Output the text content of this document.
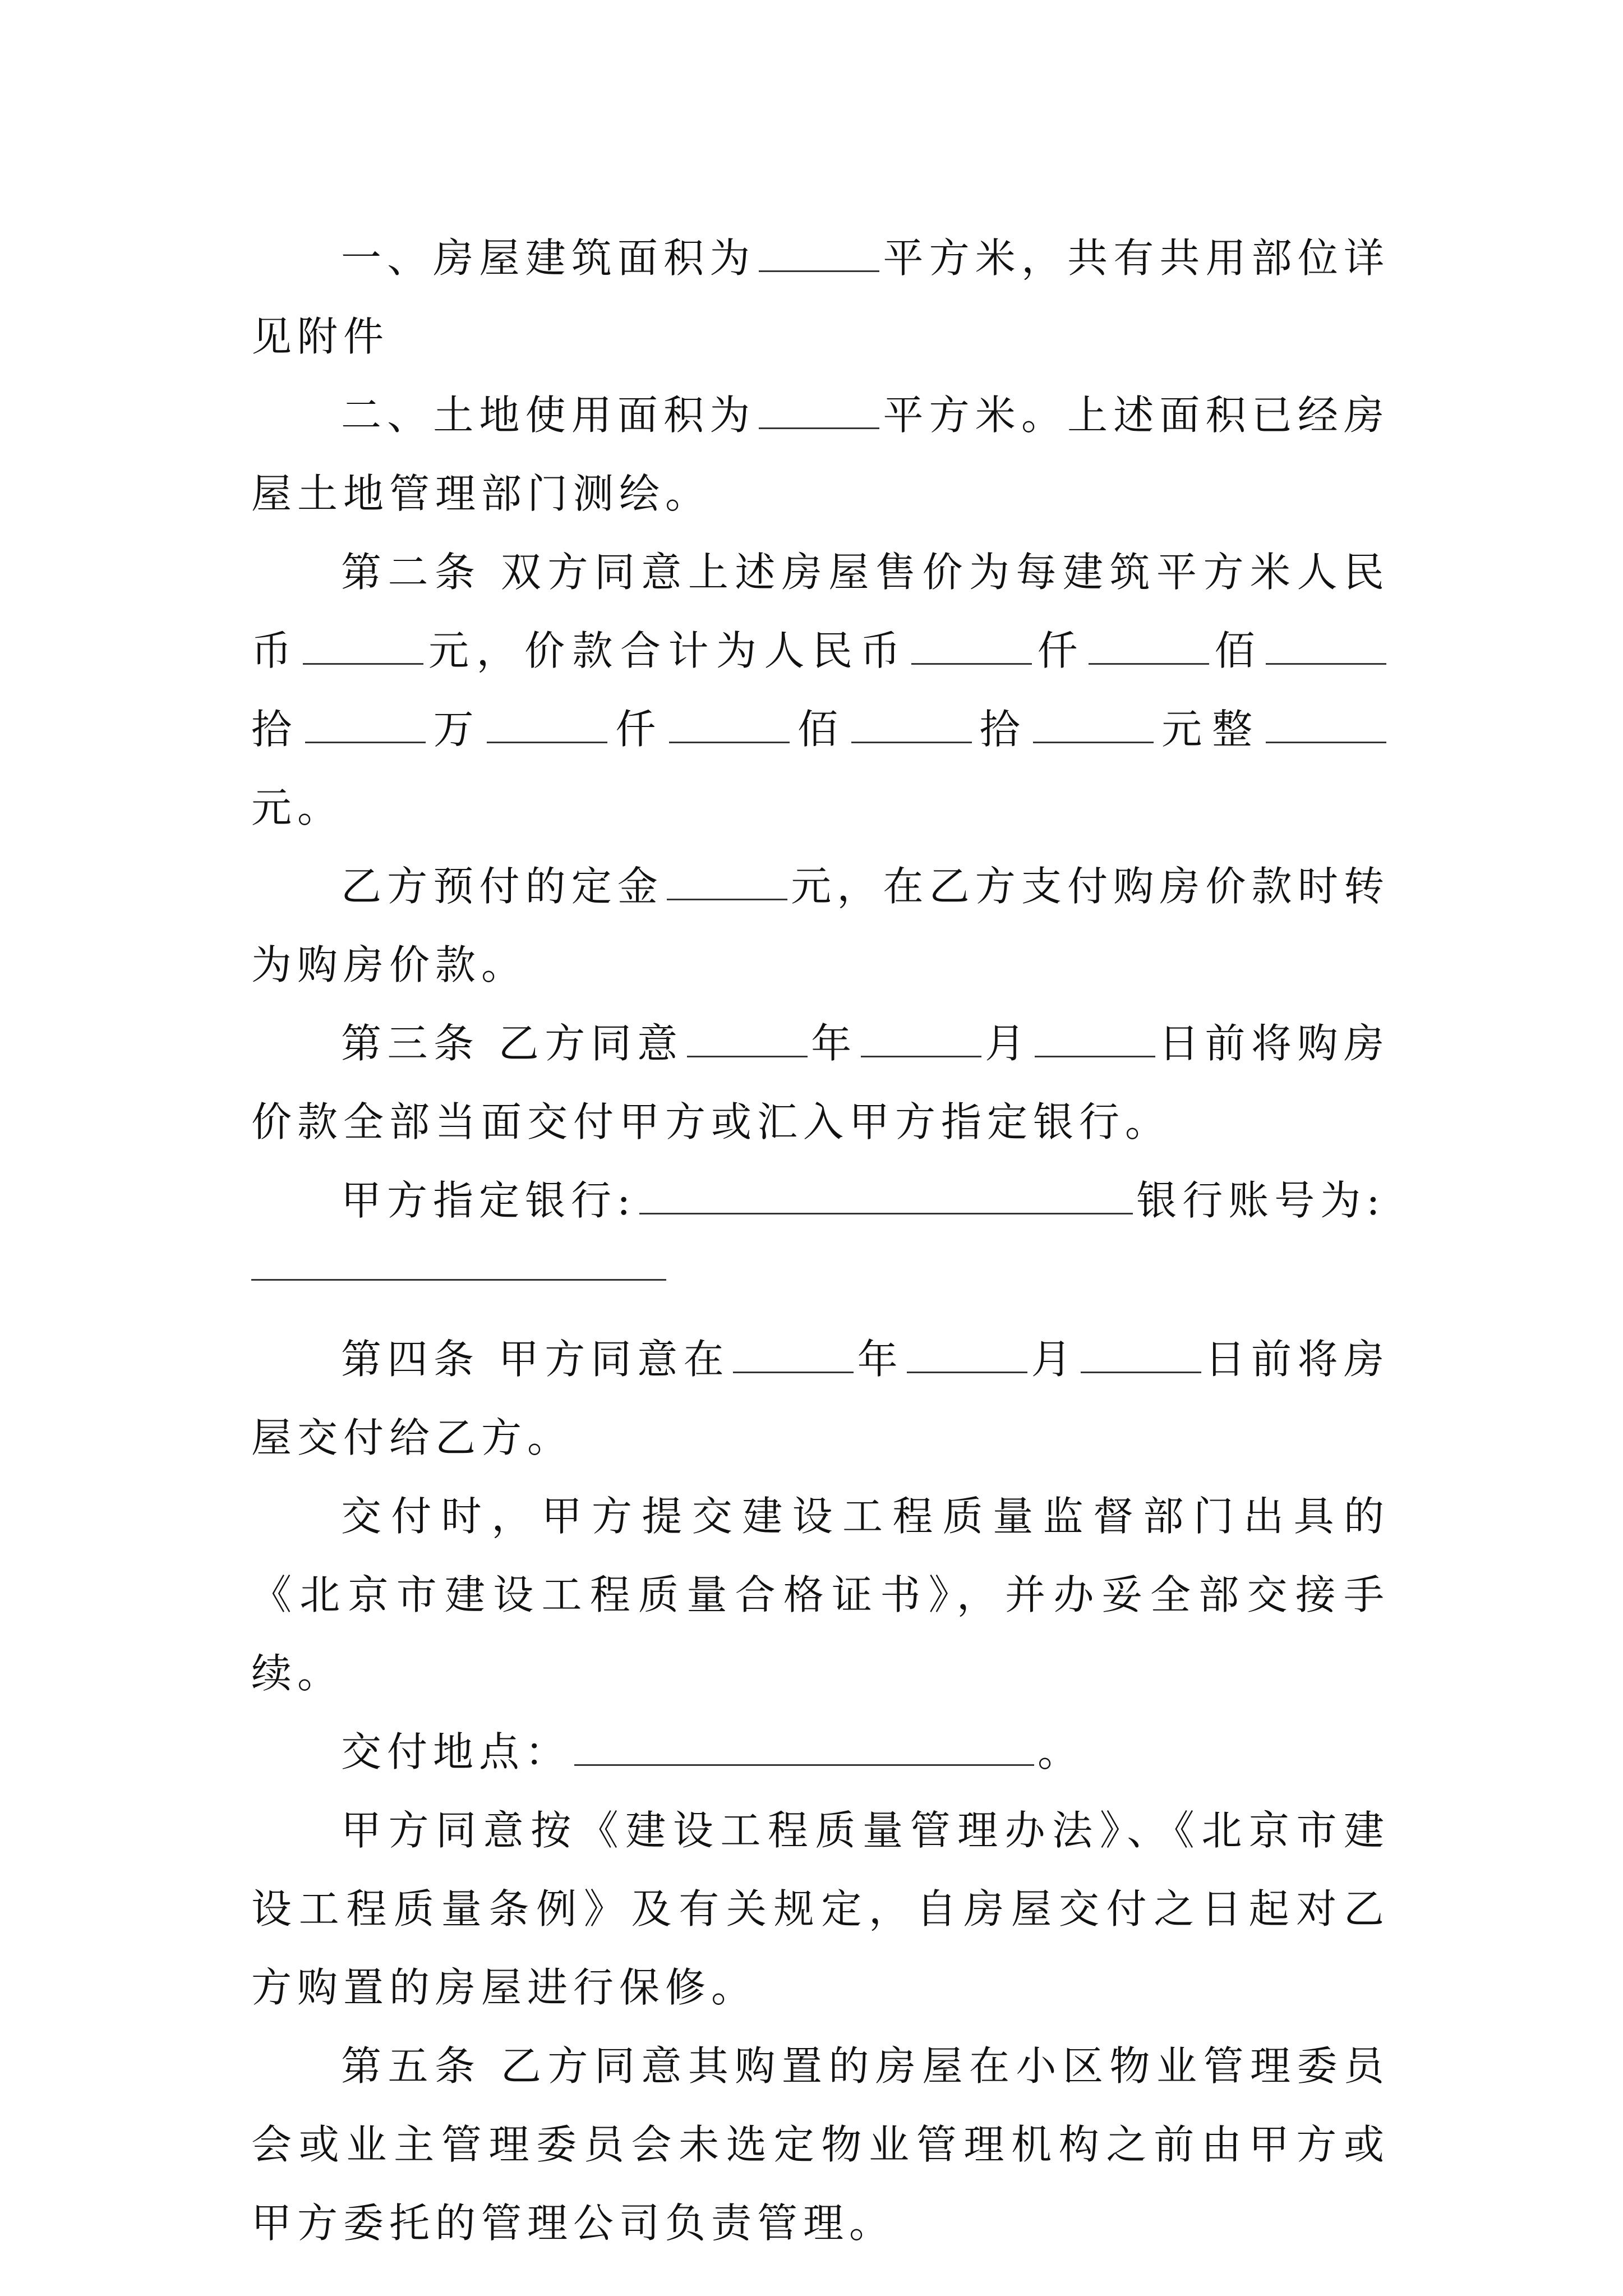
一、房屋建筑面积为	平方米，共有共用部位详见附件

二、土地使用面积为	平方米。上述面积已经房屋土地管理部门测绘。

第二条 双方同意上述房屋售价为每建筑平方米人民币	元，价款合计为人民币	仟	佰拾	万	仟	佰	拾	元整元。

乙方预付的定金	元，在乙方支付购房价款时转为购房价款。

第三条 乙方同意	年	月	日前将购房价款全部当面交付甲方或汇入甲方指定银行。

甲方指定银行:	银行账号为:

第四条 甲方同意在	年	月	日前将房屋交付给乙方。

交付时，甲方提交建设工程质量监督部门出具的《北京市建设工程质量合格证书》，并办妥全部交接手续。

交付地点：	。

甲方同意按《建设工程质量管理办法》、《北京市建设工程质量条例》及有关规定，自房屋交付之日起对乙方购置的房屋进行保修。

第五条 乙方同意其购置的房屋在小区物业管理委员会或业主管理委员会未选定物业管理机构之前由甲方或甲方委托的管理公司负责管理。
